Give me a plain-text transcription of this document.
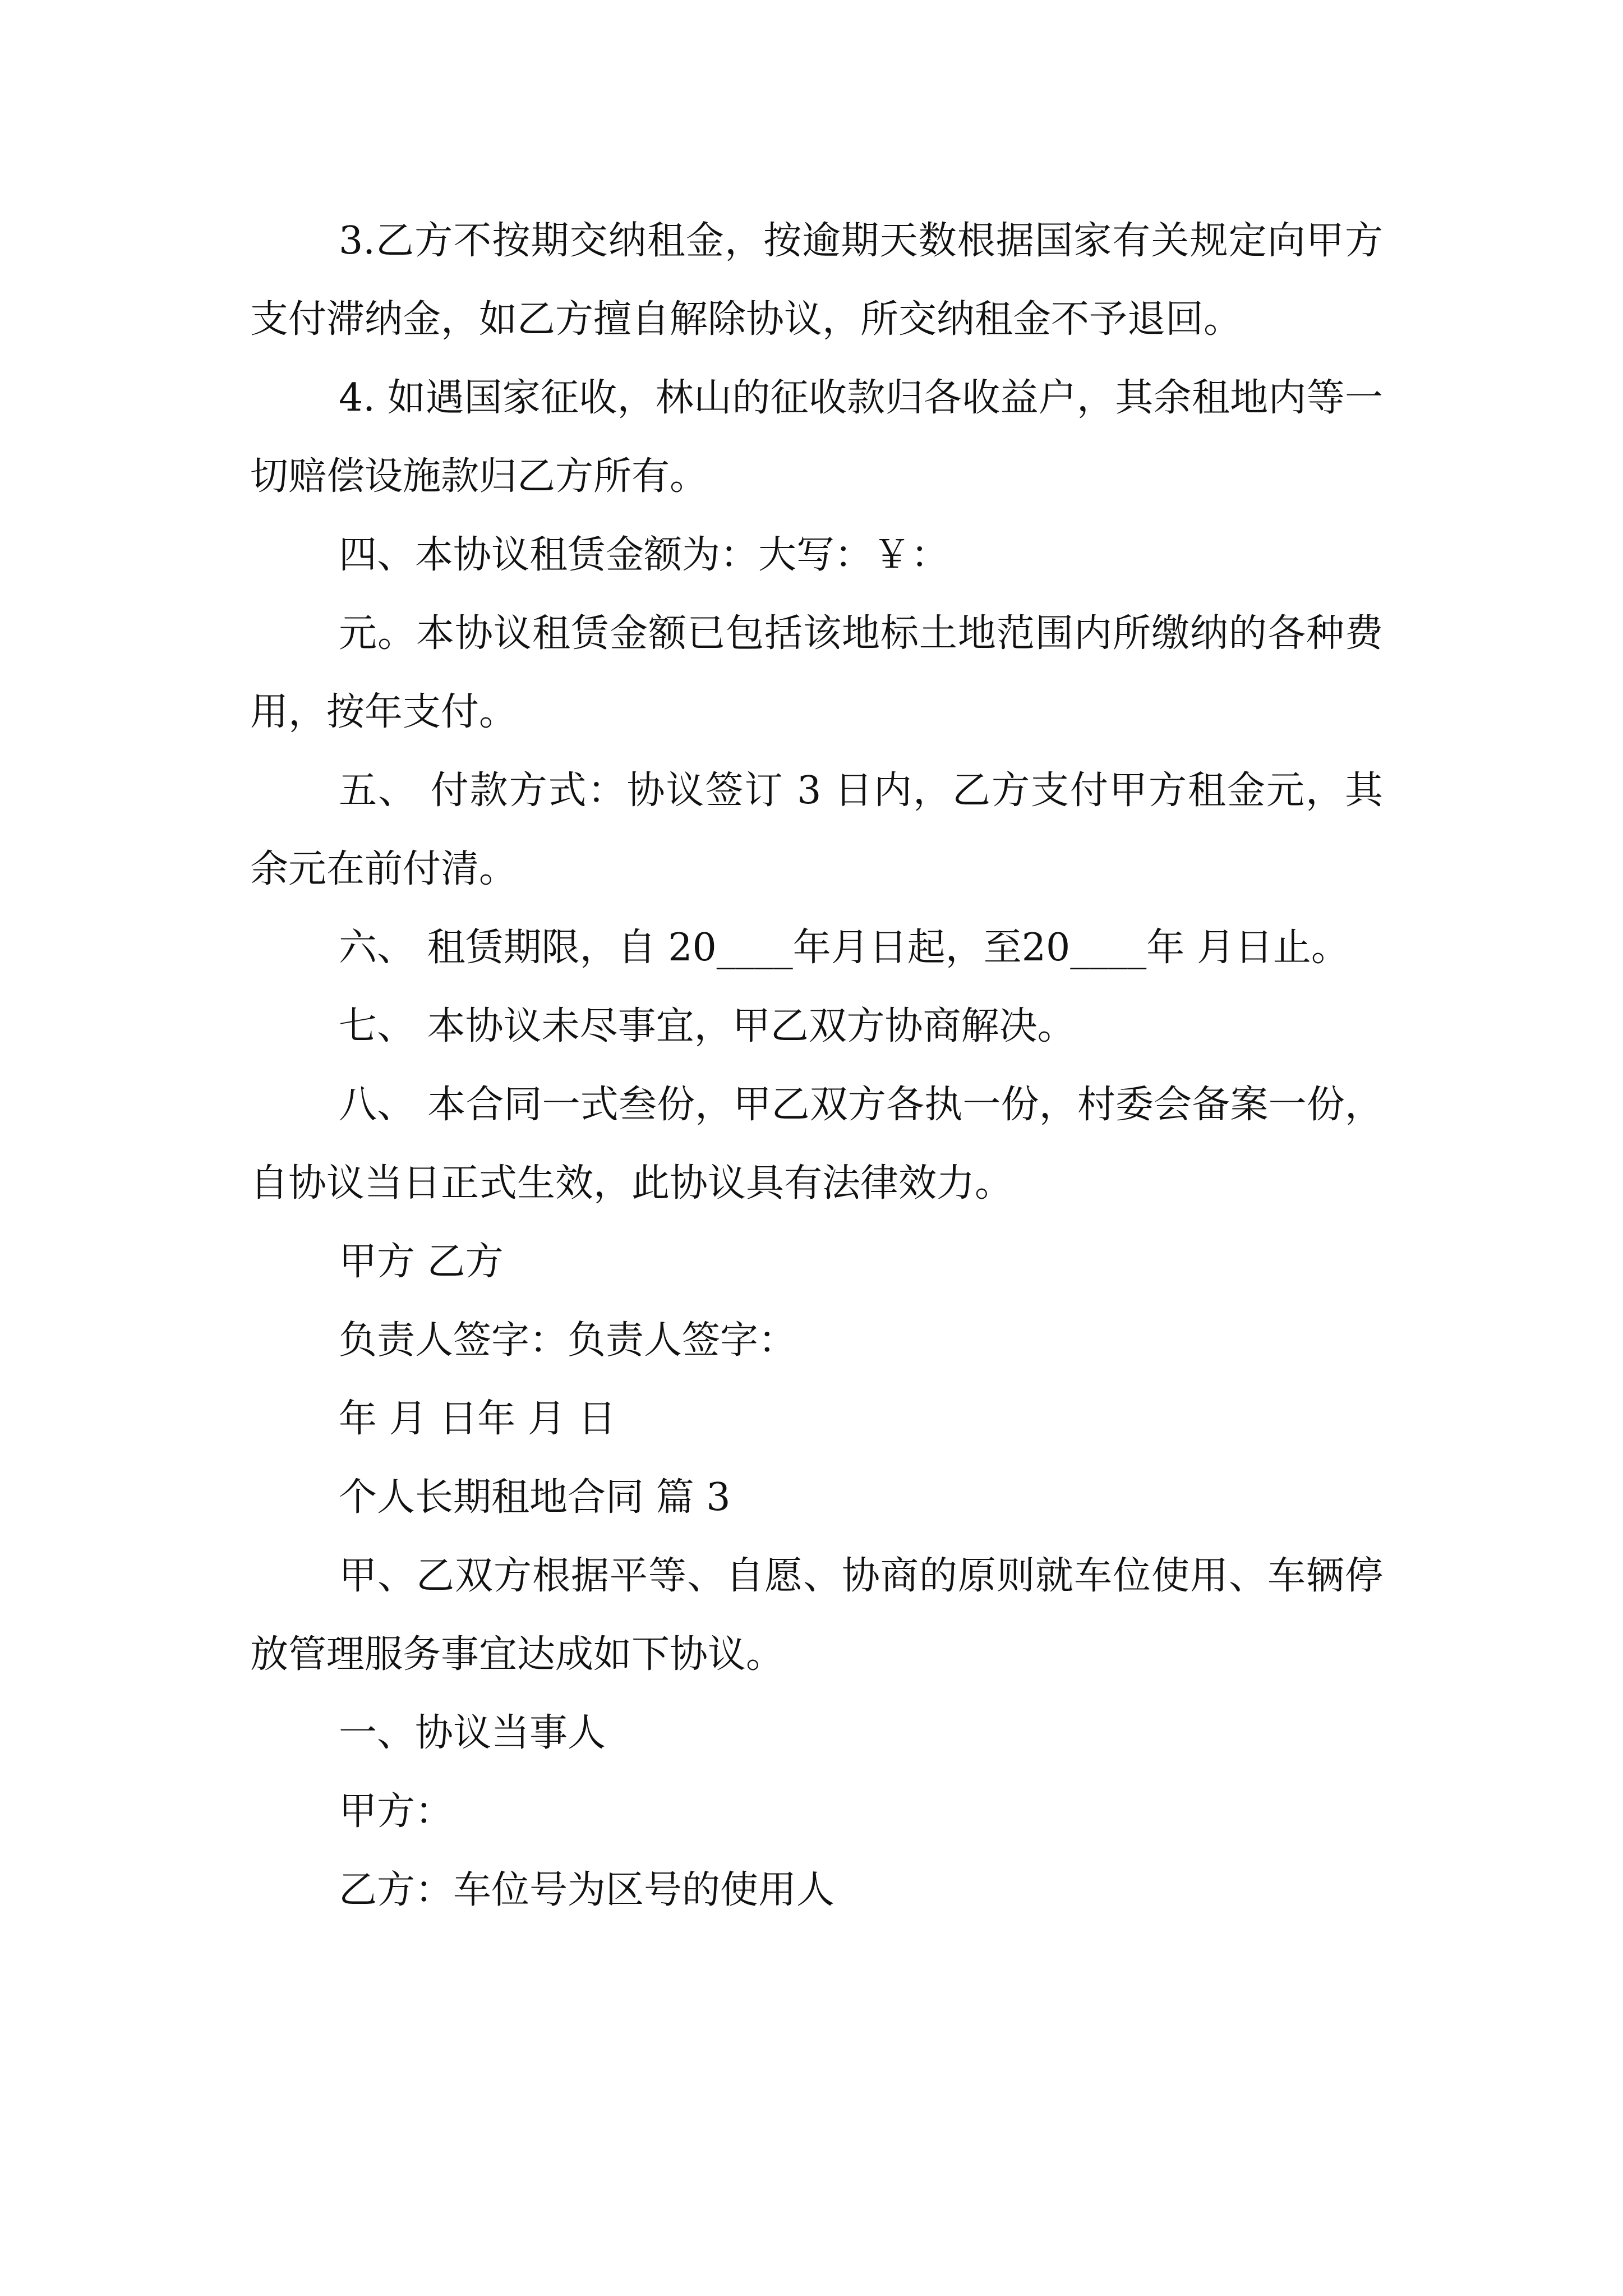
3.乙方不按期交纳租金，按逾期天数根据国家有关规定向甲方支付滞纳金，如乙方擅自解除协议，所交纳租金不予退回。

4. 如遇国家征收，林山的征收款归各收益户，其余租地内等一切赔偿设施款归乙方所有。

四、本协议租赁金额为：大写：￥：

元。本协议租赁金额已包括该地标土地范围内所缴纳的各种费用，按年支付。

五、 付款方式：协议签订 3 日内，乙方支付甲方租金元，其余元在前付清。

六、 租赁期限，自 20____年月日起，至20____年 月日止。

七、 本协议未尽事宜，甲乙双方协商解决。

八、 本合同一式叁份，甲乙双方各执一份，村委会备案一份，自协议当日正式生效，此协议具有法律效力。

甲方 乙方

负责人签字：负责人签字：

年 月 日年 月 日

个人长期租地合同 篇 3

甲、乙双方根据平等、自愿、协商的原则就车位使用、车辆停放管理服务事宜达成如下协议。

一、协议当事人

甲方：

乙方：车位号为区号的使用人
